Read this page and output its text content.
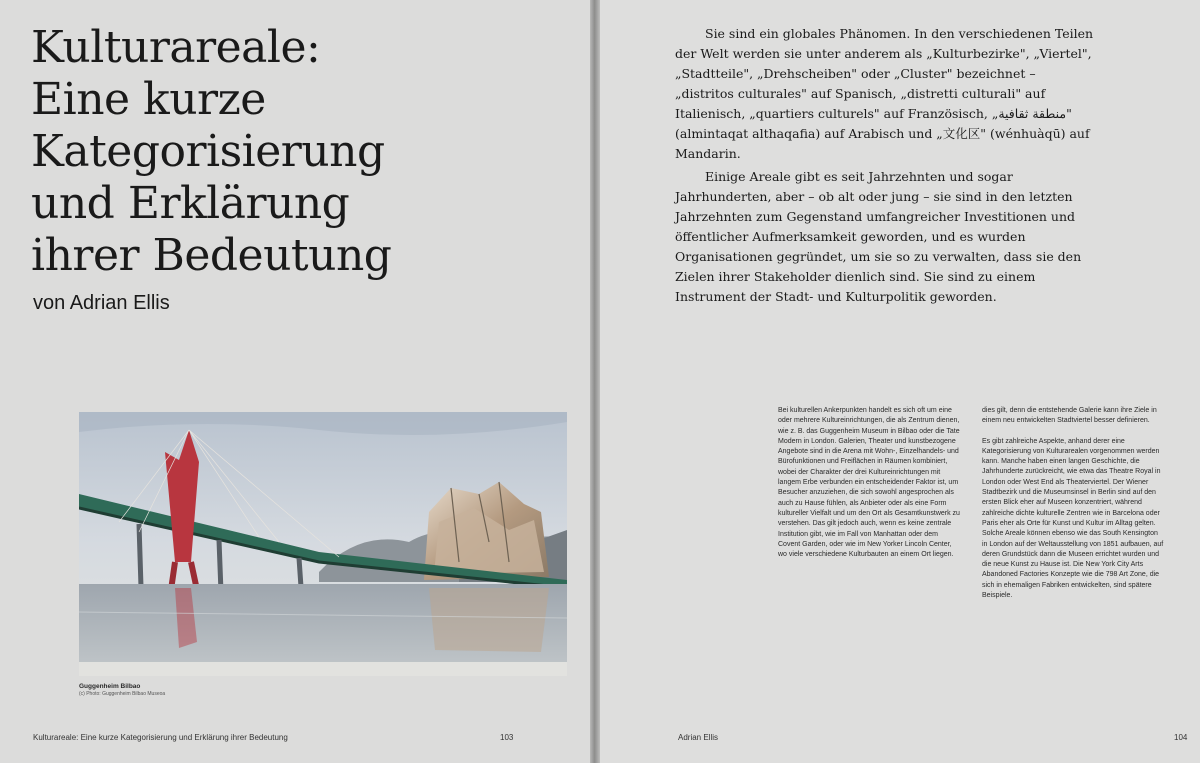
Kulturareale:
Eine kurze
Kategorisierung
und Erklärung
ihrer Bedeutung
von Adrian Ellis
Guggenheim Bilbao
(c) Photo: Guggenheim Bilbao Museoa
Kulturareale: Eine kurze Kategorisierung und Erklärung ihrer Bedeutung	103

Sie sind ein globales Phänomen. In den verschiedenen Teilen der Welt werden sie unter anderem als „Kulturbezirke", „Viertel", „Stadtteile", „Drehscheiben" oder „Cluster" bezeichnet – „distritos culturales" auf Spanisch, „distretti culturali" auf Italienisch, „quartiers culturels" auf Französisch, „منطقة ثقافية" (almintaqat althaqafia) auf Arabisch und „文化区" (wénhuàqū) auf Mandarin.

Einige Areale gibt es seit Jahrzehnten und sogar Jahrhunderten, aber – ob alt oder jung – sie sind in den letzten Jahrzehnten zum Gegenstand umfangreicher Investitionen und öffentlicher Aufmerksamkeit geworden, und es wurden Organisationen gegründet, um sie so zu verwalten, dass sie den Zielen ihrer Stakeholder dienlich sind. Sie sind zu einem Instrument der Stadt- und Kulturpolitik geworden.

Bei kulturellen Ankerpunkten handelt es sich oft um eine oder mehrere Kultureinrichtungen, die als Zentrum dienen, wie z. B. das Guggenheim Museum in Bilbao oder die Tate Modern in London. Galerien, Theater und kunstbezogene Angebote sind in die Arena mit Wohn-, Einzelhandels- und Bürofunktionen und Freiflächen in Räumen kombiniert, wobei der Charakter der drei Kultureinrichtungen mit langem Erbe verbunden ein entscheidender Faktor ist, um Besucher anzuziehen, die sich sowohl angesprochen als auch zu Hause fühlen, als Anbieter oder als eine Form kultureller Vielfalt und um den Ort als Gesamtkunstwerk zu verstehen. Das gilt jedoch auch, wenn es keine zentrale Institution gibt, wie im Fall von Manhattan oder dem Covent Garden, oder wie im New Yorker Lincoln Center, wo viele verschiedene Kulturbauten an einem Ort liegen.

dies gilt, denn die entstehende Galerie kann ihre Ziele in einem neu entwickelten Stadtviertel besser definieren.
Es gibt zahlreiche Aspekte, anhand derer eine Kategorisierung von Kulturarealen vorgenommen werden kann. Manche haben einen langen Geschichte, die Jahrhunderte zurückreicht, wie etwa das Theatre Royal in London oder West End als Theaterviertel. Der Wiener Stadtbezirk und die Museumsinsel in Berlin sind auf den ersten Blick eher auf Museen konzentriert, während zahlreiche dichte kulturelle Zentren wie in Barcelona oder Paris eher als Orte für Kunst und Kultur im Alltag gelten. Solche Areale können ebenso wie das South Kensington in London auf der Weltausstellung von 1851 aufbauen, auf deren Grundstück dann die Museen errichtet wurden und die neue Kunst zu Hause ist. Die New York City Arts Abandoned Factories Konzepte wie die 798 Art Zone, die sich in ehemaligen Fabriken entwickelten, sind spätere Beispiele.
Adrian Ellis	104
